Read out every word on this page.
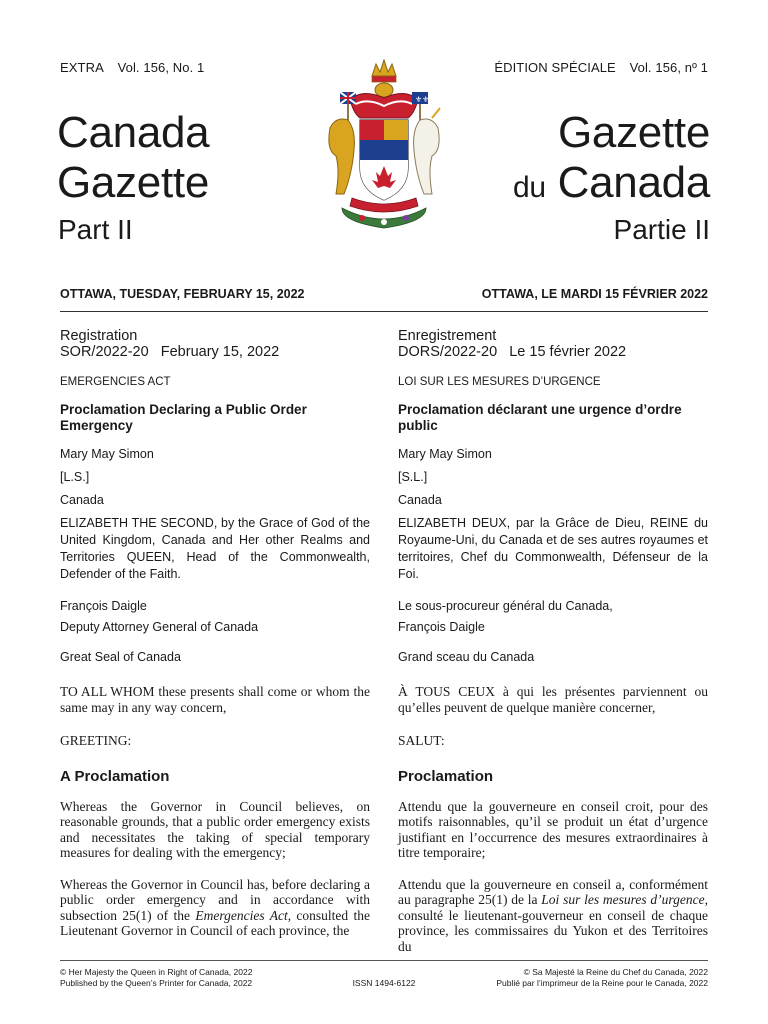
EXTRA Vol. 156, No. 1	ÉDITION SPÉCIALE Vol. 156, nº 1
Canada
Gazette
Part II
Gazette
du Canada
Partie II
⚜⚜
OTTAWA, TUESDAY, FEBRUARY 15, 2022	OTTAWA, LE MARDI 15 FÉVRIER 2022
Registration
SOR/2022-20   February 15, 2022
EMERGENCIES ACT
Proclamation Declaring a Public Order Emergency
Mary May Simon
[L.S.]
Canada
ELIZABETH THE SECOND, by the Grace of God of the United Kingdom, Canada and Her other Realms and Territories QUEEN, Head of the Commonwealth, Defender of the Faith.
François Daigle
Deputy Attorney General of Canada
Great Seal of Canada
TO ALL WHOM these presents shall come or whom the same may in any way concern,
GREETING:
A Proclamation
Whereas the Governor in Council believes, on reasonable grounds, that a public order emergency exists and necessitates the taking of special temporary measures for dealing with the emergency;
Whereas the Governor in Council has, before declaring a public order emergency and in accordance with subsection 25(1) of the Emergencies Act, consulted the Lieutenant Governor in Council of each province, the
Enregistrement
DORS/2022-20   Le 15 février 2022
LOI SUR LES MESURES D’URGENCE
Proclamation déclarant une urgence d’ordre public
Mary May Simon
[S.L.]
Canada
ELIZABETH DEUX, par la Grâce de Dieu, REINE du Royaume-Uni, du Canada et de ses autres royaumes et territoires, Chef du Commonwealth, Défenseur de la Foi.
Le sous-procureur général du Canada,
François Daigle
Grand sceau du Canada
À TOUS CEUX à qui les présentes parviennent ou qu’elles peuvent de quelque manière concerner,
SALUT:
Proclamation
Attendu que la gouverneure en conseil croit, pour des motifs raisonnables, qu’il se produit un état d’urgence justifiant en l’occurrence des mesures extraordinaires à titre temporaire;
Attendu que la gouverneure en conseil a, conformément au paragraphe 25(1) de la Loi sur les mesures d’urgence, consulté le lieutenant-gouverneur en conseil de chaque province, les commissaires du Yukon et des Territoires du
© Her Majesty the Queen in Right of Canada, 2022
Published by the Queen’s Printer for Canada, 2022	ISSN 1494-6122
© Sa Majesté la Reine du Chef du Canada, 2022
Publié par l’imprimeur de la Reine pour le Canada, 2022
